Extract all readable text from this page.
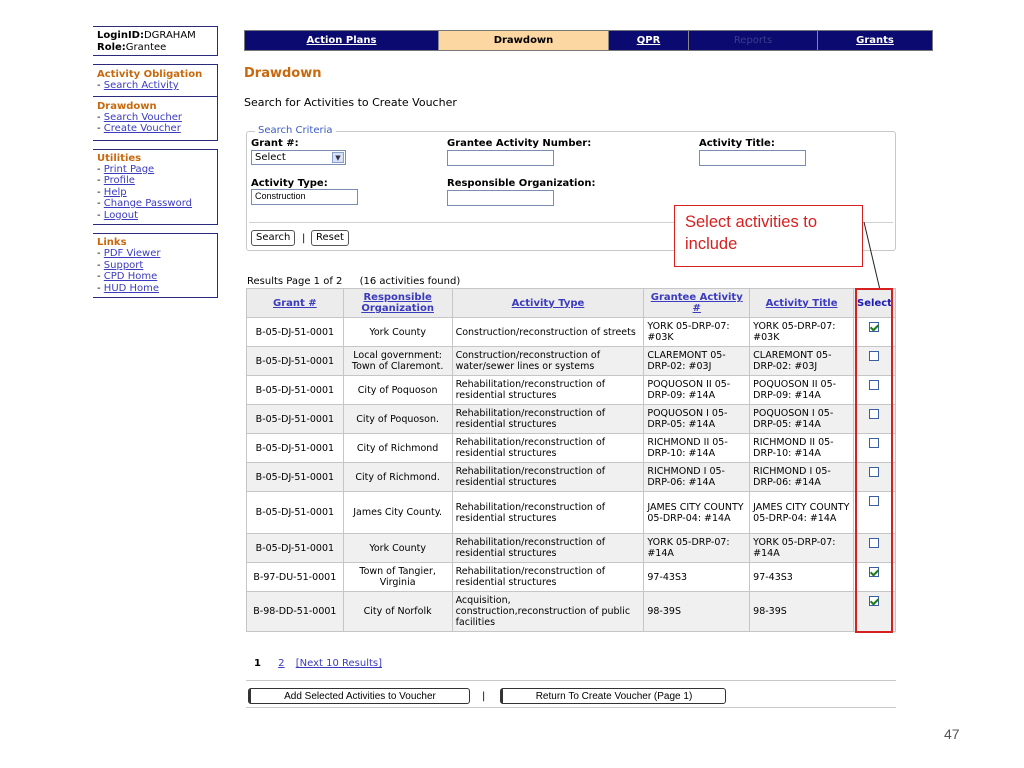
LoginID:DGRAHAM
Role:Grantee
Activity Obligation
- Search Activity
Drawdown
- Search Voucher
- Create Voucher
Utilities
- Print Page
- Profile
- Help
- Change Password
- Logout
Links
- PDF Viewer
- Support
- CPD Home
- HUD Home
Action Plans	Drawdown	QPR	Reports	Grants
Drawdown
Search for Activities to Create Voucher
Search Criteria
Grant #:
Select	▼
Grantee Activity Number:	Activity Title:
Activity Type:
Construction
Responsible Organization:
Search	|	Reset
Select activities to include
Results Page 1 of 2 (16 activities found)
Grant #	Responsible Organization	Activity Type	Grantee Activity #	Activity Title	Select
B-05-DJ-51-0001	York County	Construction/reconstruction of streets	YORK 05-DRP-07: #03K	YORK 05-DRP-07: #03K	
B-05-DJ-51-0001	Local government: Town of Claremont.	Construction/reconstruction of water/sewer lines or systems	CLAREMONT 05-DRP-02: #03J	CLAREMONT 05-DRP-02: #03J	
B-05-DJ-51-0001	City of Poquoson	Rehabilitation/reconstruction of residential structures	POQUOSON II 05-DRP-09: #14A	POQUOSON II 05-DRP-09: #14A	
B-05-DJ-51-0001	City of Poquoson.	Rehabilitation/reconstruction of residential structures	POQUOSON I 05-DRP-05: #14A	POQUOSON I 05-DRP-05: #14A	
B-05-DJ-51-0001	City of Richmond	Rehabilitation/reconstruction of residential structures	RICHMOND II 05-DRP-10: #14A	RICHMOND II 05-DRP-10: #14A	
B-05-DJ-51-0001	City of Richmond.	Rehabilitation/reconstruction of residential structures	RICHMOND I 05-DRP-06: #14A	RICHMOND I 05-DRP-06: #14A	
B-05-DJ-51-0001	James City County.	Rehabilitation/reconstruction of residential structures	JAMES CITY COUNTY 05-DRP-04: #14A	JAMES CITY COUNTY 05-DRP-04: #14A	
B-05-DJ-51-0001	York County	Rehabilitation/reconstruction of residential structures	YORK 05-DRP-07: #14A	YORK 05-DRP-07: #14A	
B-97-DU-51-0001	Town of Tangier, Virginia	Rehabilitation/reconstruction of residential structures	97-43S3	97-43S3	
B-98-DD-51-0001	City of Norfolk	Acquisition, construction,reconstruction of public facilities	98-39S	98-39S	
1 2 [Next 10 Results]
Add Selected Activities to Voucher	|	Return To Create Voucher (Page 1)
47
